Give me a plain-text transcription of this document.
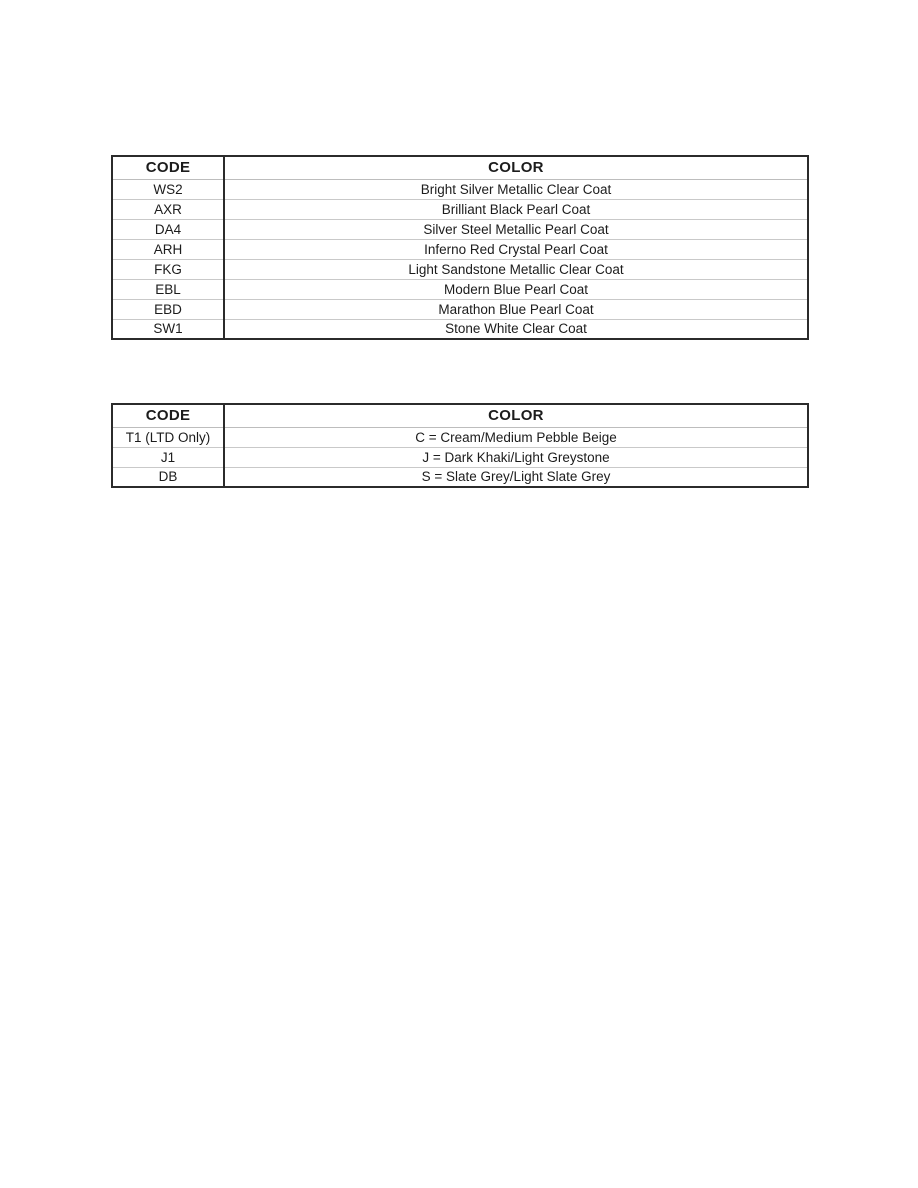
CODE	COLOR
WS2	Bright Silver Metallic Clear Coat
AXR	Brilliant Black Pearl Coat
DA4	Silver Steel Metallic Pearl Coat
ARH	Inferno Red Crystal Pearl Coat
FKG	Light Sandstone Metallic Clear Coat
EBL	Modern Blue Pearl Coat
EBD	Marathon Blue Pearl Coat
SW1	Stone White Clear Coat
CODE	COLOR
T1 (LTD Only)	C = Cream/Medium Pebble Beige
J1	J = Dark Khaki/Light Greystone
DB	S = Slate Grey/Light Slate Grey
